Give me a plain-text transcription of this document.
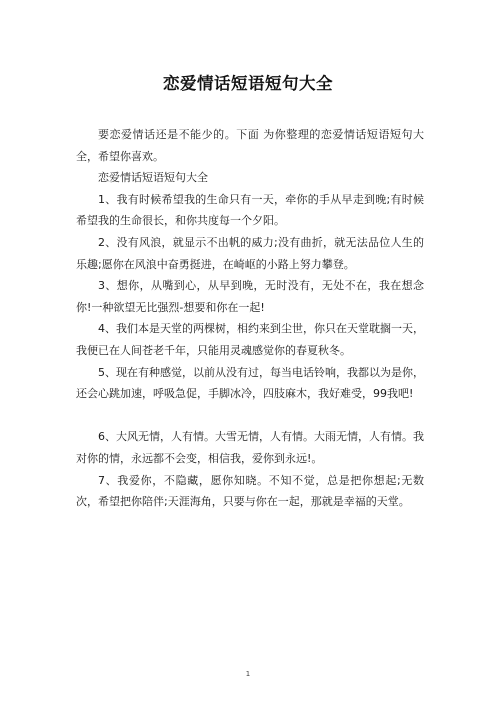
恋爱情话短语短句大全

要恋爱情话还是不能少的。下面 为你整理的恋爱情话短语短句大全，希望你喜欢。

恋爱情话短语短句大全

1、我有时候希望我的生命只有一天，牵你的手从早走到晚;有时候希望我的生命很长，和你共度每一个夕阳。

2、没有风浪，就显示不出帆的威力;没有曲折，就无法品位人生的乐趣;愿你在风浪中奋勇挺进，在崎岖的小路上努力攀登。

3、想你，从嘴到心，从早到晚，无时没有，无处不在，我在想念你!一种欲望无比强烈-想要和你在一起!

4、我们本是天堂的两棵树，相约来到尘世，你只在天堂耽搁一天，我便已在人间苍老千年，只能用灵魂感觉你的春夏秋冬。

5、现在有种感觉，以前从没有过，每当电话铃响，我都以为是你，还会心跳加速，呼吸急促，手脚冰冷，四肢麻木，我好难受，99我吧!

6、大风无情，人有情。大雪无情，人有情。大雨无情，人有情。我对你的情，永远都不会变，相信我，爱你到永远!。

7、我爱你，不隐藏，愿你知晓。不知不觉，总是把你想起;无数次，希望把你陪伴;天涯海角，只要与你在一起，那就是幸福的天堂。

1
